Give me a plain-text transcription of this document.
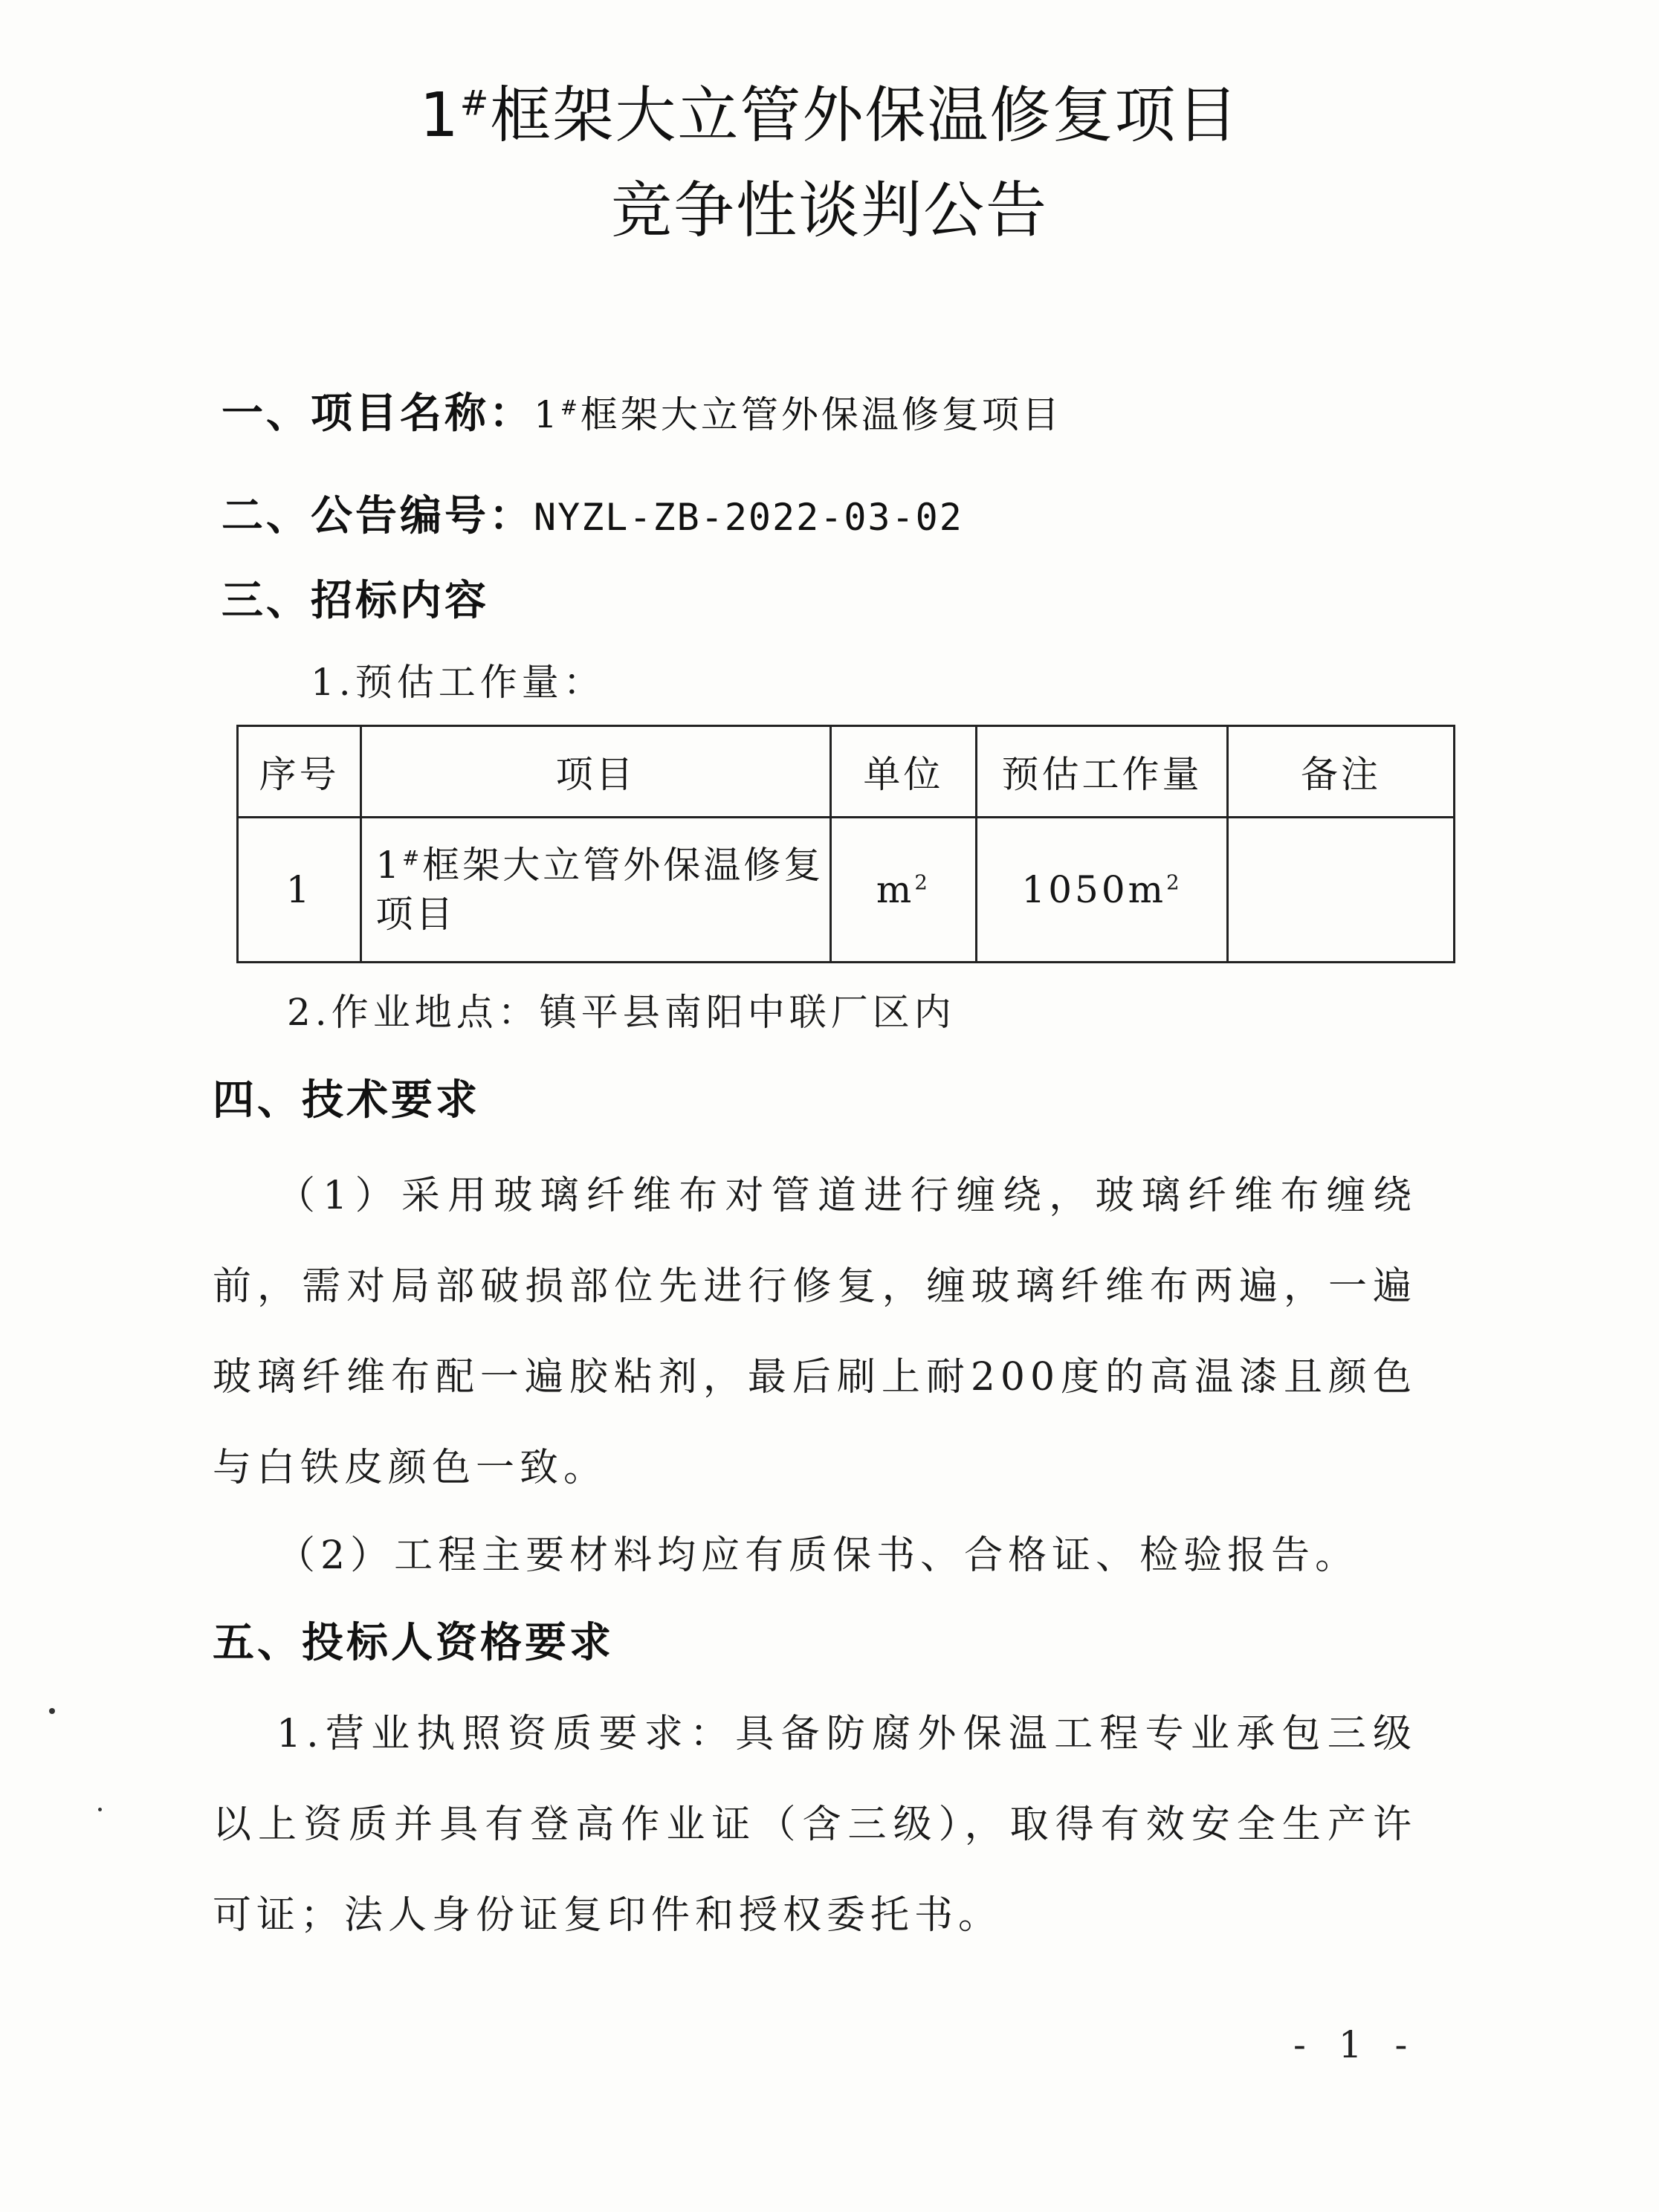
1#框架大立管外保温修复项目
竞争性谈判公告
一、项目名称：1#框架大立管外保温修复项目
二、公告编号：NYZL-ZB-2022-03-02
三、招标内容
1.预估工作量：
序号	项目	单位	预估工作量	备注
1	1#框架大立管外保温修复项目	$m^2$	$1050m^2$	
2.作业地点：镇平县南阳中联厂区内
四、技术要求
（1）采用玻璃纤维布对管道进行缠绕，玻璃纤维布缠绕前，需对局部破损部位先进行修复，缠玻璃纤维布两遍，一遍玻璃纤维布配一遍胶粘剂，最后刷上耐200度的高温漆且颜色与白铁皮颜色一致。
（2）工程主要材料均应有质保书、合格证、检验报告。
五、投标人资格要求
1.营业执照资质要求：具备防腐外保温工程专业承包三级以上资质并具有登高作业证（含三级），取得有效安全生产许可证；法人身份证复印件和授权委托书。
- 1 -
